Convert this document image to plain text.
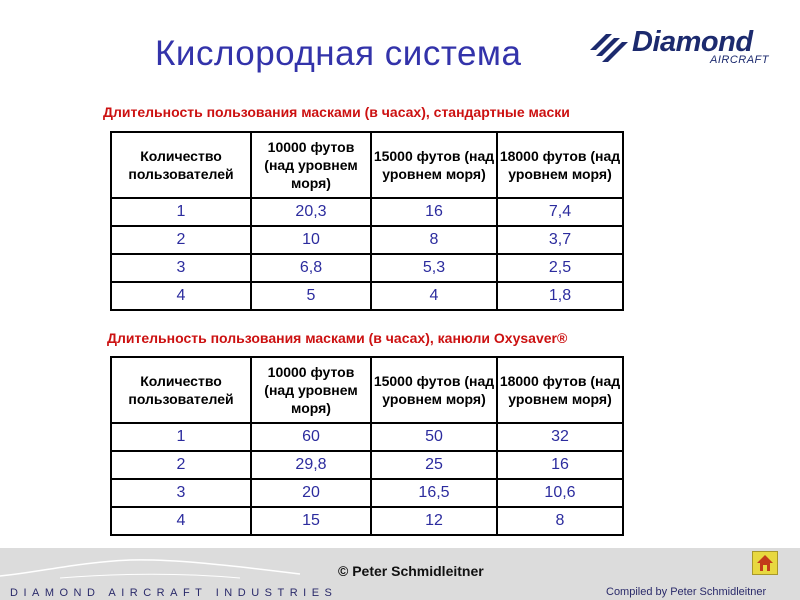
Кислородная система	Diamond
AIRCRAFT
Длительность пользования масками (в часах), стандартные маски
Количество пользователей	10000 футов (над уровнем моря)	15000 футов (над уровнем моря)	18000 футов (над уровнем моря)
1	20,3	16	7,4
2	10	8	3,7
3	6,8	5,3	2,5
4	5	4	1,8
Длительность пользования масками (в часах), канюли Oxysaver®
Количество пользователей	10000 футов (над уровнем моря)	15000 футов (над уровнем моря)	18000 футов (над уровнем моря)
1	60	50	32
2	29,8	25	16
3	20	16,5	10,6
4	15	12	8
© Peter Schmidleitner
DIAMOND AIRCRAFT INDUSTRIES	Compiled by Peter Schmidleitner
